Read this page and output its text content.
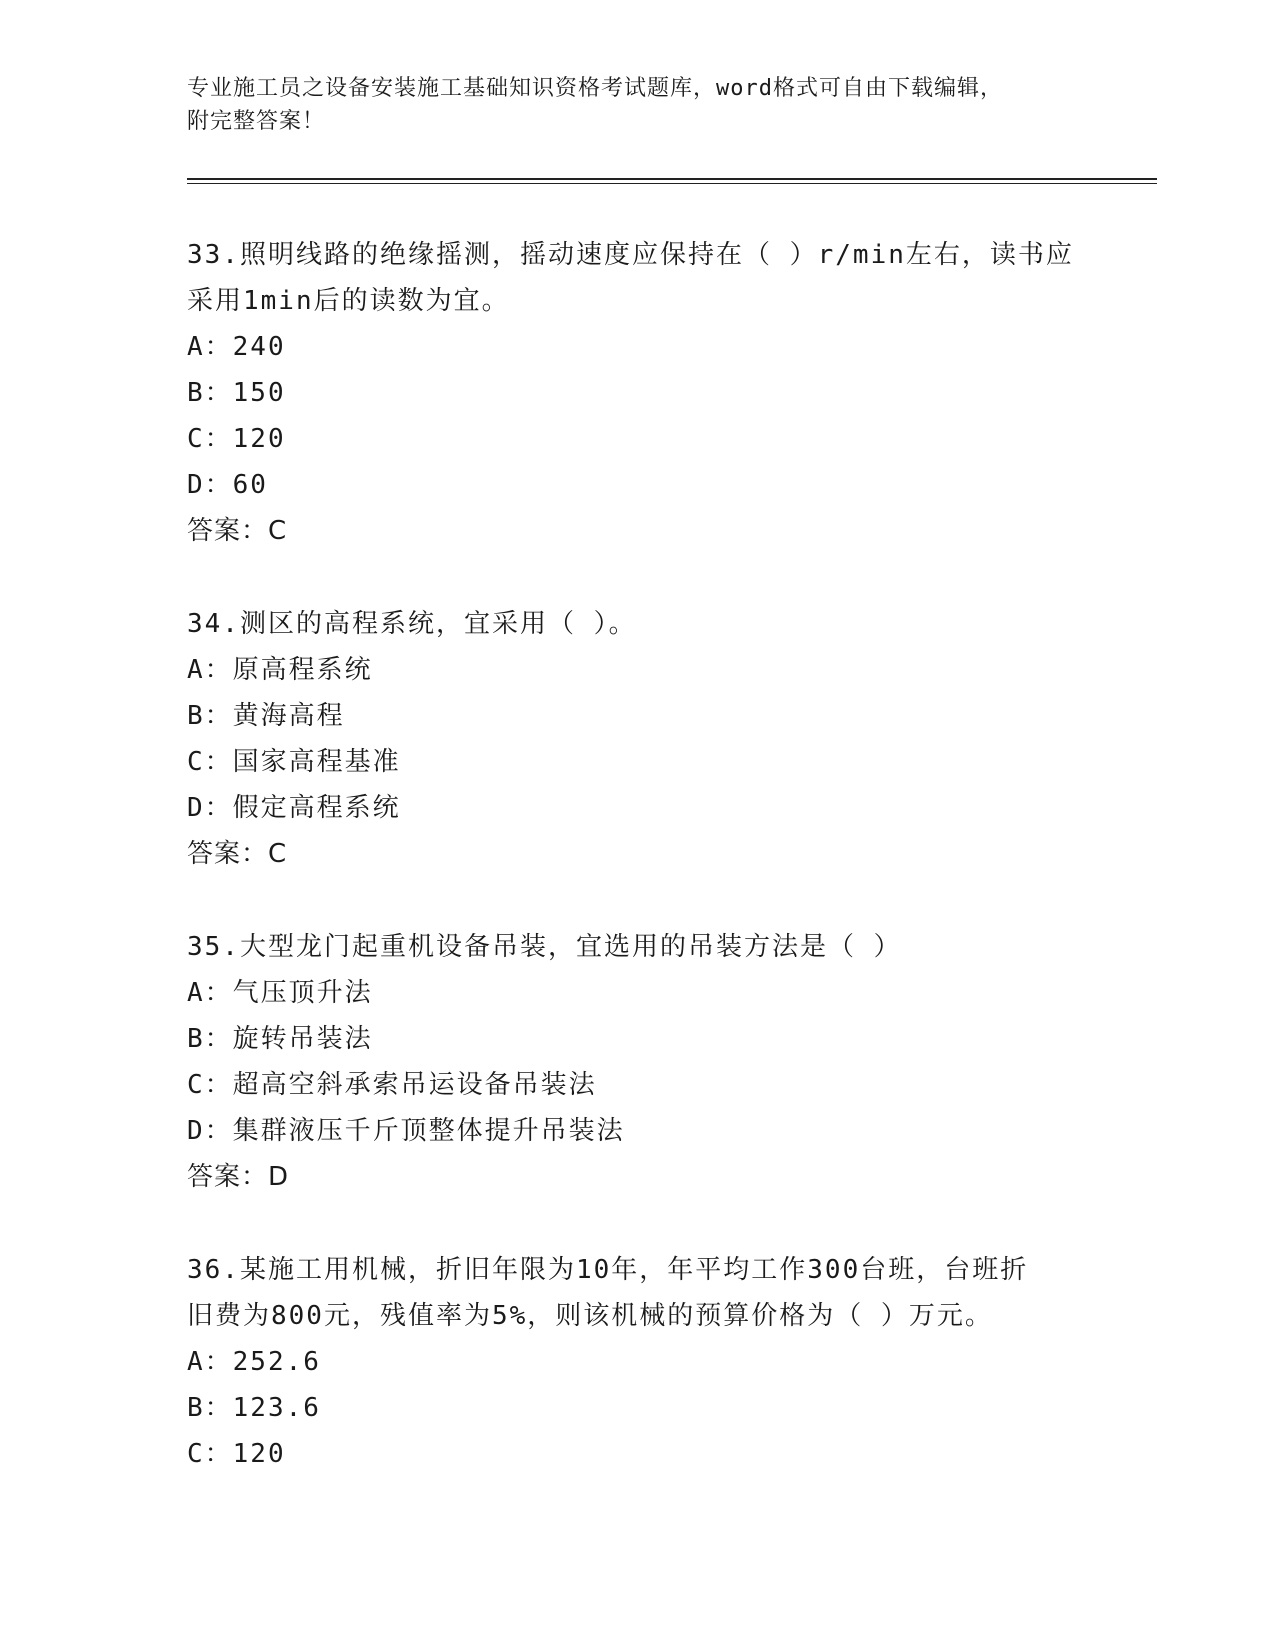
专业施工员之设备安装施工基础知识资格考试题库，word格式可自由下载编辑，
附完整答案！

33.照明线路的绝缘摇测，摇动速度应保持在（ ）r/min左右，读书应

采用1min后的读数为宜。

A：240

B：150

C：120

D：60

答案：C

34.测区的高程系统，宜采用（ ）。

A：原高程系统

B：黄海高程

C：国家高程基准

D：假定高程系统

答案：C

35.大型龙门起重机设备吊装，宜选用的吊装方法是（ ）

A：气压顶升法

B：旋转吊装法

C：超高空斜承索吊运设备吊装法

D：集群液压千斤顶整体提升吊装法

答案：D

36.某施工用机械，折旧年限为10年，年平均工作300台班，台班折

旧费为800元，残值率为5%，则该机械的预算价格为（ ）万元。

A：252.6

B：123.6

C：120
